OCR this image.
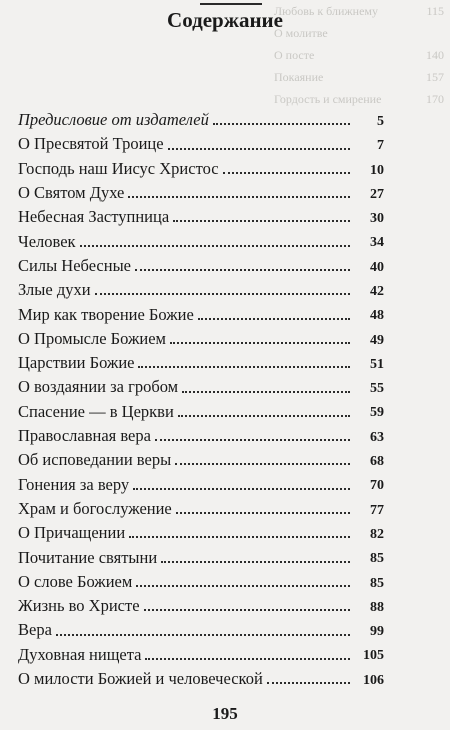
Любовь к ближнему	115
О молитве
О посте	140
Покаяние	157
Гордость и смирение	170
Содержание
Предисловие от издателей	5
О Пресвятой Троице	7
Господь наш Иисус Христос	10
О Святом Духе	27
Небесная Заступница	30
Человек	34
Силы Небесные	40
Злые духи	42
Мир как творение Божие	48
О Промысле Божием	49
Царствии Божие	51
О воздаянии за гробом	55
Спасение — в Церкви	59
Православная вера	63
Об исповедании веры	68
Гонения за веру	70
Храм и богослужение	77
О Причащении	82
Почитание святыни	85
О слове Божием	85
Жизнь во Христе	88
Вера	99
Духовная нищета	105
О милости Божией и человеческой	106
195
